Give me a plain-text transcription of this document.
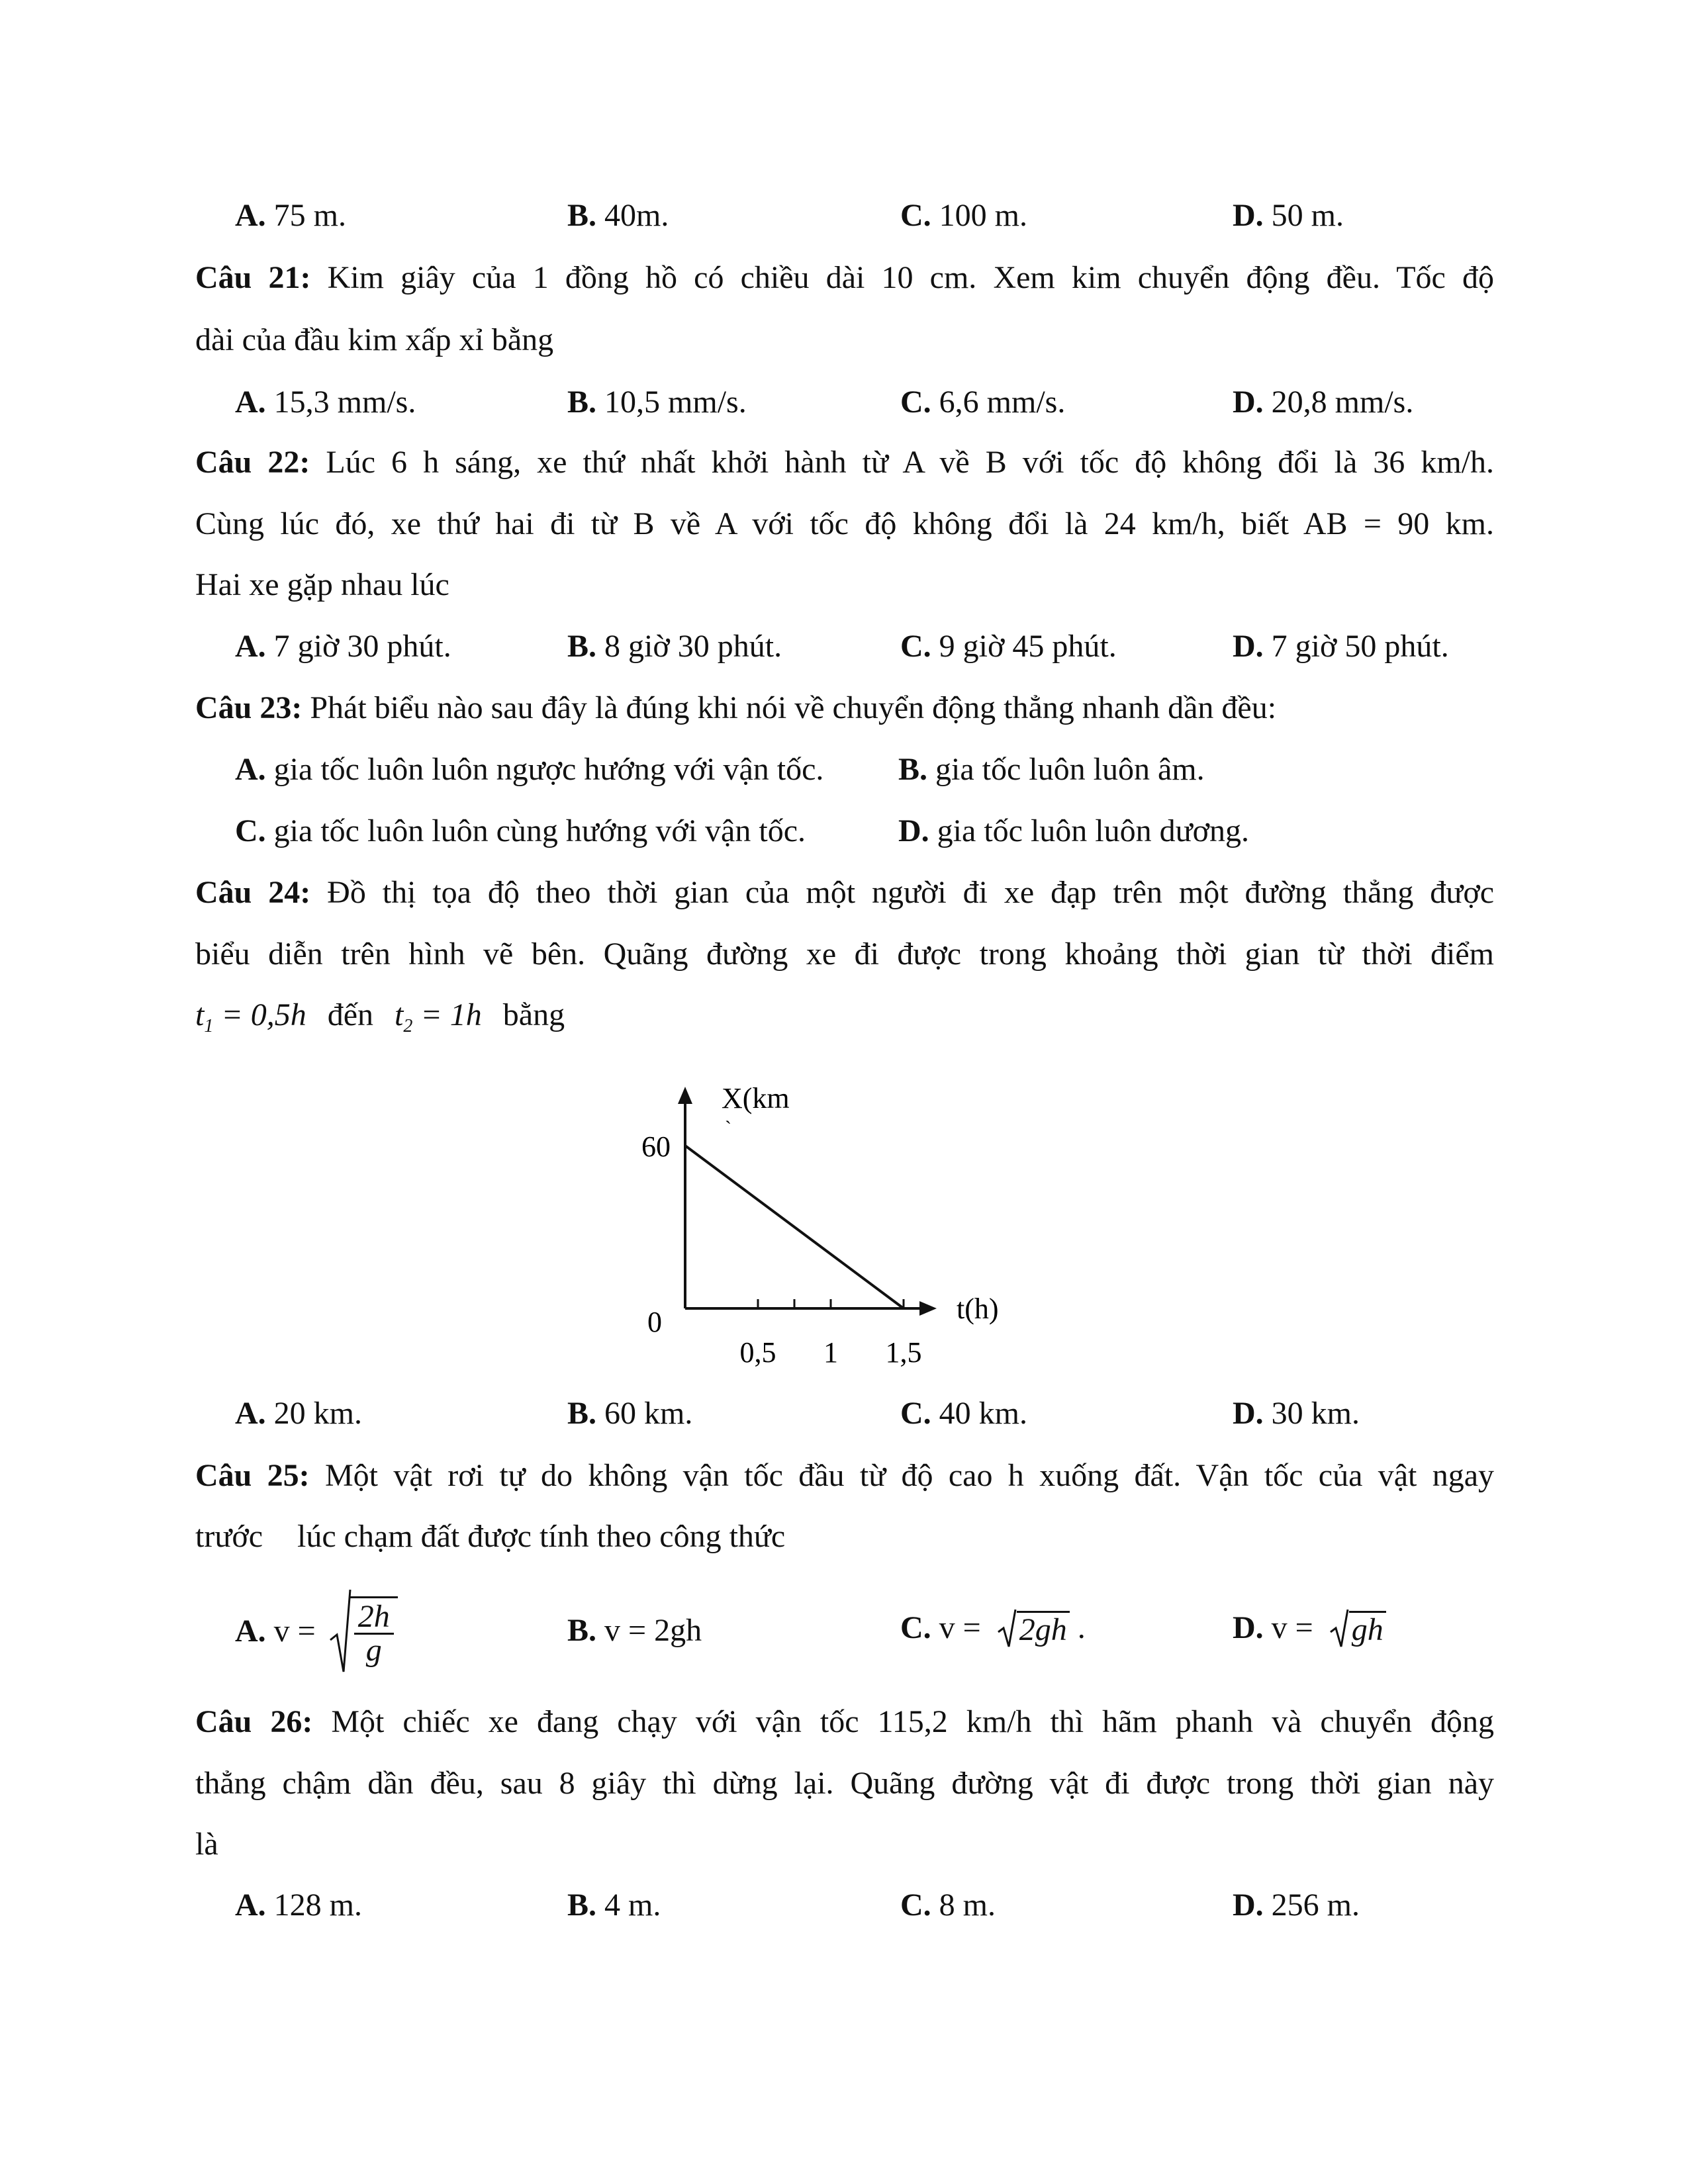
A. 75 m.	B. 40m.	C. 100 m.	D. 50 m.
Câu 21: Kim giây của 1 đồng hồ có chiều dài 10 cm. Xem kim chuyển động đều. Tốc độ
dài của đầu kim xấp xỉ bằng
A. 15,3 mm/s.	B. 10,5 mm/s.	C. 6,6 mm/s.	D. 20,8 mm/s.
Câu 22: Lúc 6 h sáng, xe thứ nhất khởi hành từ A về B với tốc độ không đổi là 36 km/h.
Cùng lúc đó, xe thứ hai đi từ B về A với tốc độ không đổi là 24 km/h, biết AB = 90 km.
Hai xe gặp nhau lúc
A. 7 giờ 30 phút.	B. 8 giờ 30 phút.	C. 9 giờ 45 phút.	D. 7 giờ 50 phút.
Câu 23: Phát biểu nào sau đây là đúng khi nói về chuyển động thẳng nhanh dần đều:
A. gia tốc luôn luôn ngược hướng với vận tốc. B. gia tốc luôn luôn âm.
C. gia tốc luôn luôn cùng hướng với vận tốc.	D. gia tốc luôn luôn dương.
Câu 24: Đồ thị tọa độ theo thời gian của một người đi xe đạp trên một đường thẳng được
biểu diễn trên hình vẽ bên. Quãng đường xe đi được trong khoảng thời gian từ thời điểm
$t_1 = 0,5h$ đến $t_2 = 1h$ bằng
0,5 1 1,5
60
0
X(km
`
t(h)
A. 20 km.	B. 60 km.	C. 40 km.	D. 30 km.
Câu 25: Một vật rơi tự do không vận tốc đầu từ độ cao h xuống đất. Vận tốc của vật ngay
trước lúc chạm đất được tính theo công thức
A. $v = \frac{2h}{g}$	B. v = 2gh	C. v = 2gh .	D. v = gh
Câu 26: Một chiếc xe đang chạy với vận tốc 115,2 km/h thì hãm phanh và chuyển động
thẳng chậm dần đều, sau 8 giây thì dừng lại. Quãng đường vật đi được trong thời gian này
là
A. 128 m.	B. 4 m.	C. 8 m.	D. 256 m.
